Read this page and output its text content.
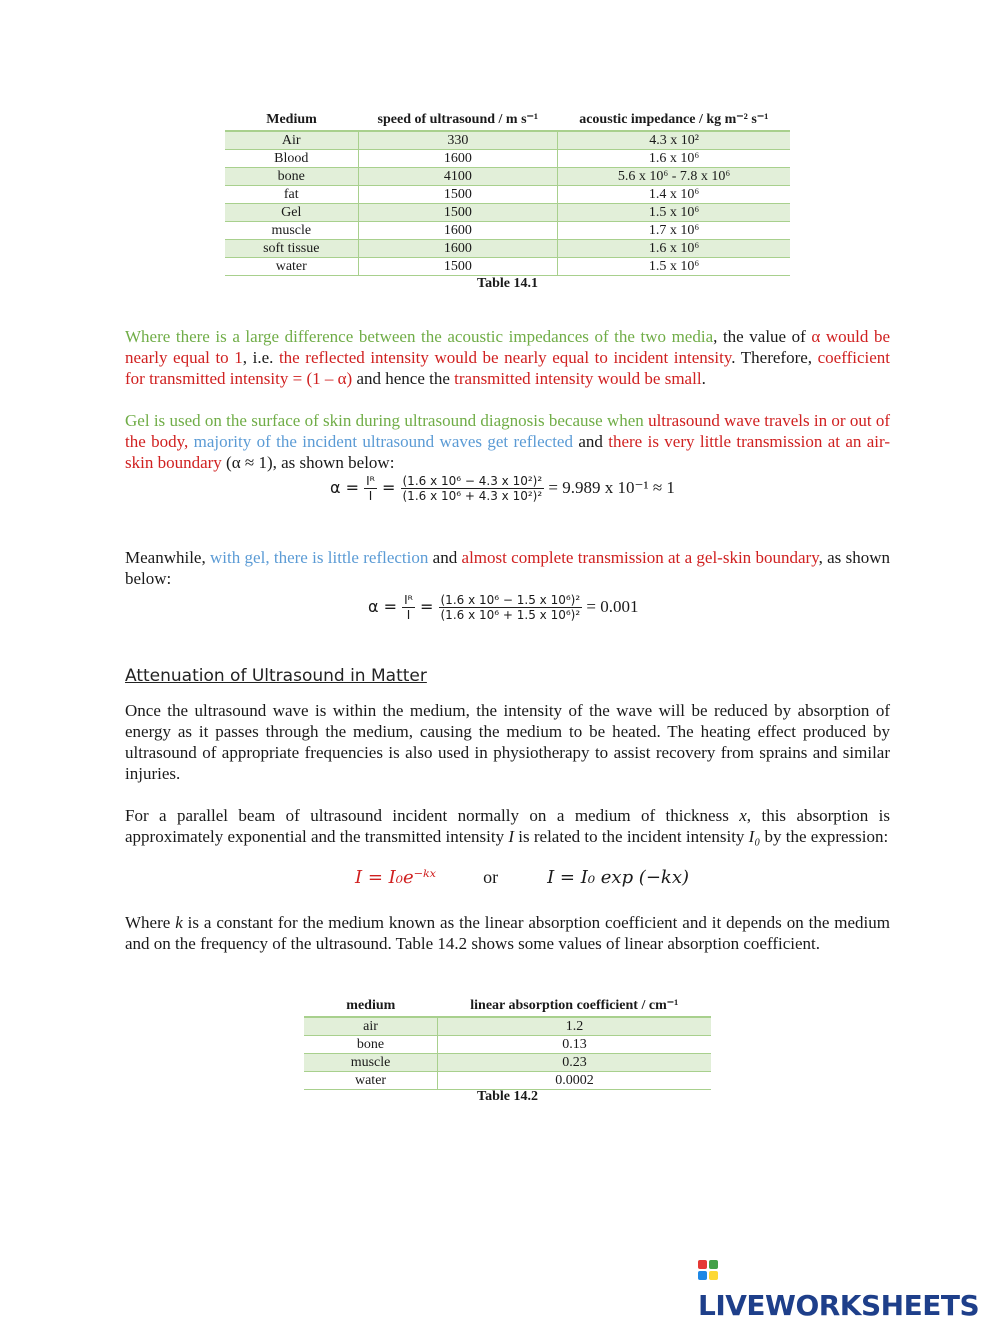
Medium	speed of ultrasound / m s⁻¹	acoustic impedance / kg m⁻² s⁻¹
Air	330	4.3 x 10²
Blood	1600	1.6 x 10⁶
bone	4100	5.6 x 10⁶ - 7.8 x 10⁶
fat	1500	1.4 x 10⁶
Gel	1500	1.5 x 10⁶
muscle	1600	1.7 x 10⁶
soft tissue	1600	1.6 x 10⁶
water	1500	1.5 x 10⁶
Table 14.1
Where there is a large difference between the acoustic impedances of the two media, the value of α would be nearly equal to 1, i.e. the reflected intensity would be nearly equal to incident intensity. Therefore, coefficient for transmitted intensity = (1 – α) and hence the transmitted intensity would be small.
Gel is used on the surface of skin during ultrasound diagnosis because when ultrasound wave travels in or out of the body, majority of the incident ultrasound waves get reflected and there is very little transmission at an air-skin boundary (α ≈ 1), as shown below:
$\alpha = \frac{\text{Iᴿ}}{I} = \frac{\text{(1.6 x 10⁶ − 4.3 x 10²)²}}{\text{(1.6 x 10⁶ + 4.3 x 10²)²}} = 9.989$ x 10⁻¹ ≈ 1
Meanwhile, with gel, there is little reflection and almost complete transmission at a gel-skin boundary, as shown below:
$\alpha = \frac{\text{Iᴿ}}{I} = \frac{\text{(1.6 x 10⁶ − 1.5 x 10⁶)²}}{\text{(1.6 x 10⁶ + 1.5 x 10⁶)²}} = 0.001$
Attenuation of Ultrasound in Matter
Once the ultrasound wave is within the medium, the intensity of the wave will be reduced by absorption of energy as it passes through the medium, causing the medium to be heated. The heating effect produced by ultrasound of appropriate frequencies is also used in physiotherapy to assist recovery from sprains and similar injuries.
For a parallel beam of ultrasound incident normally on a medium of thickness x, this absorption is approximately exponential and the transmitted intensity I is related to the incident intensity I₀ by the expression:
I = I₀e⁻ᵏˣ	or	I = I₀ exp (−kx)
Where k is a constant for the medium known as the linear absorption coefficient and it depends on the medium and on the frequency of the ultrasound. Table 14.2 shows some values of linear absorption coefficient.
medium	linear absorption coefficient / cm⁻¹
air	1.2
bone	0.13
muscle	0.23
water	0.0002
Table 14.2
LIVEWORKSHEETS
